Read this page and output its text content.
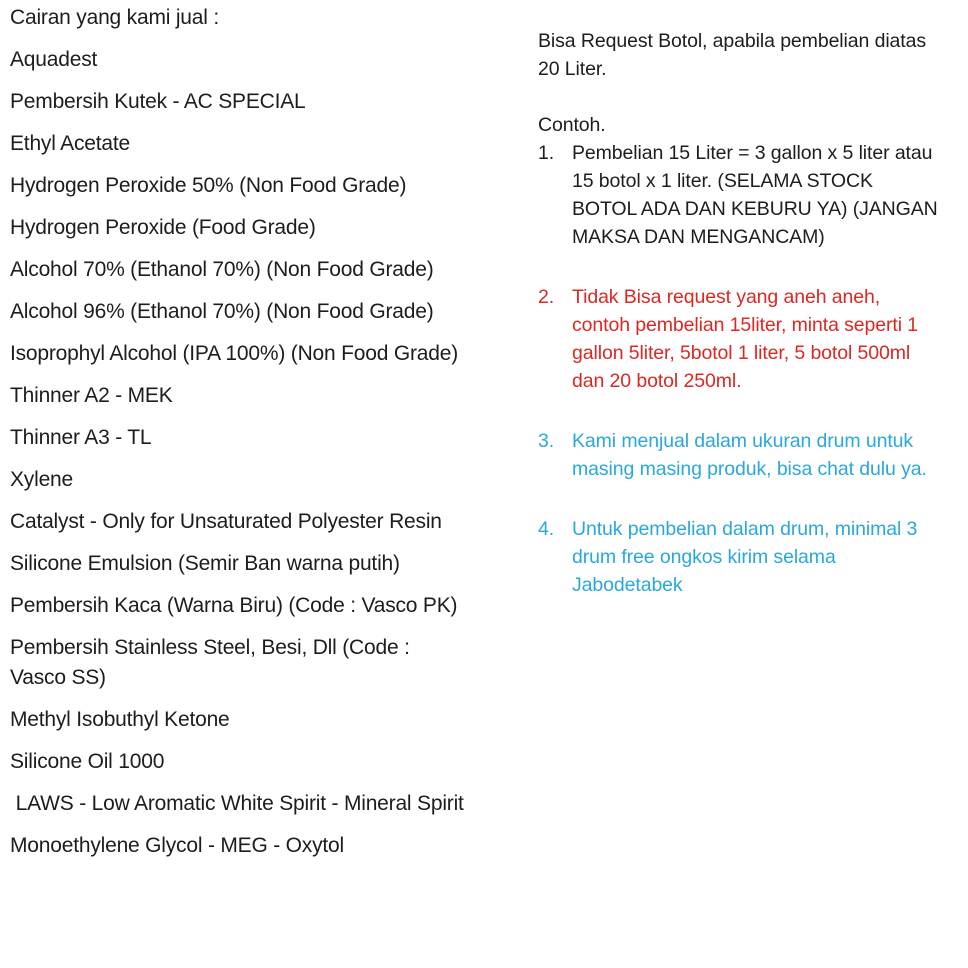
Cairan yang kami jual :

Aquadest

Pembersih Kutek - AC SPECIAL

Ethyl Acetate

Hydrogen Peroxide 50% (Non Food Grade)

Hydrogen Peroxide (Food Grade)

Alcohol 70% (Ethanol 70%) (Non Food Grade)

Alcohol 96% (Ethanol 70%) (Non Food Grade)

Isoprophyl Alcohol (IPA 100%) (Non Food Grade)

Thinner A2 - MEK

Thinner A3 - TL

Xylene

Catalyst - Only for Unsaturated Polyester Resin

Silicone Emulsion (Semir Ban warna putih)

Pembersih Kaca (Warna Biru) (Code : Vasco PK)

Pembersih Stainless Steel, Besi, Dll (Code : Vasco SS)

Methyl Isobuthyl Ketone

Silicone Oil 1000

LAWS - Low Aromatic White Spirit - Mineral Spirit

Monoethylene Glycol - MEG - Oxytol

Bisa Request Botol, apabila pembelian diatas 20 Liter.

Contoh.

1. Pembelian 15 Liter = 3 gallon x 5 liter atau 15 botol x 1 liter. (SELAMA STOCK BOTOL ADA DAN KEBURU YA) (JANGAN MAKSA DAN MENGANCAM)
2. Tidak Bisa request yang aneh aneh, contoh pembelian 15liter, minta seperti 1 gallon 5liter, 5botol 1 liter, 5 botol 500ml dan 20 botol 250ml.
3. Kami menjual dalam ukuran drum untuk masing masing produk, bisa chat dulu ya.
4. Untuk pembelian dalam drum, minimal 3 drum free ongkos kirim selama Jabodetabek
